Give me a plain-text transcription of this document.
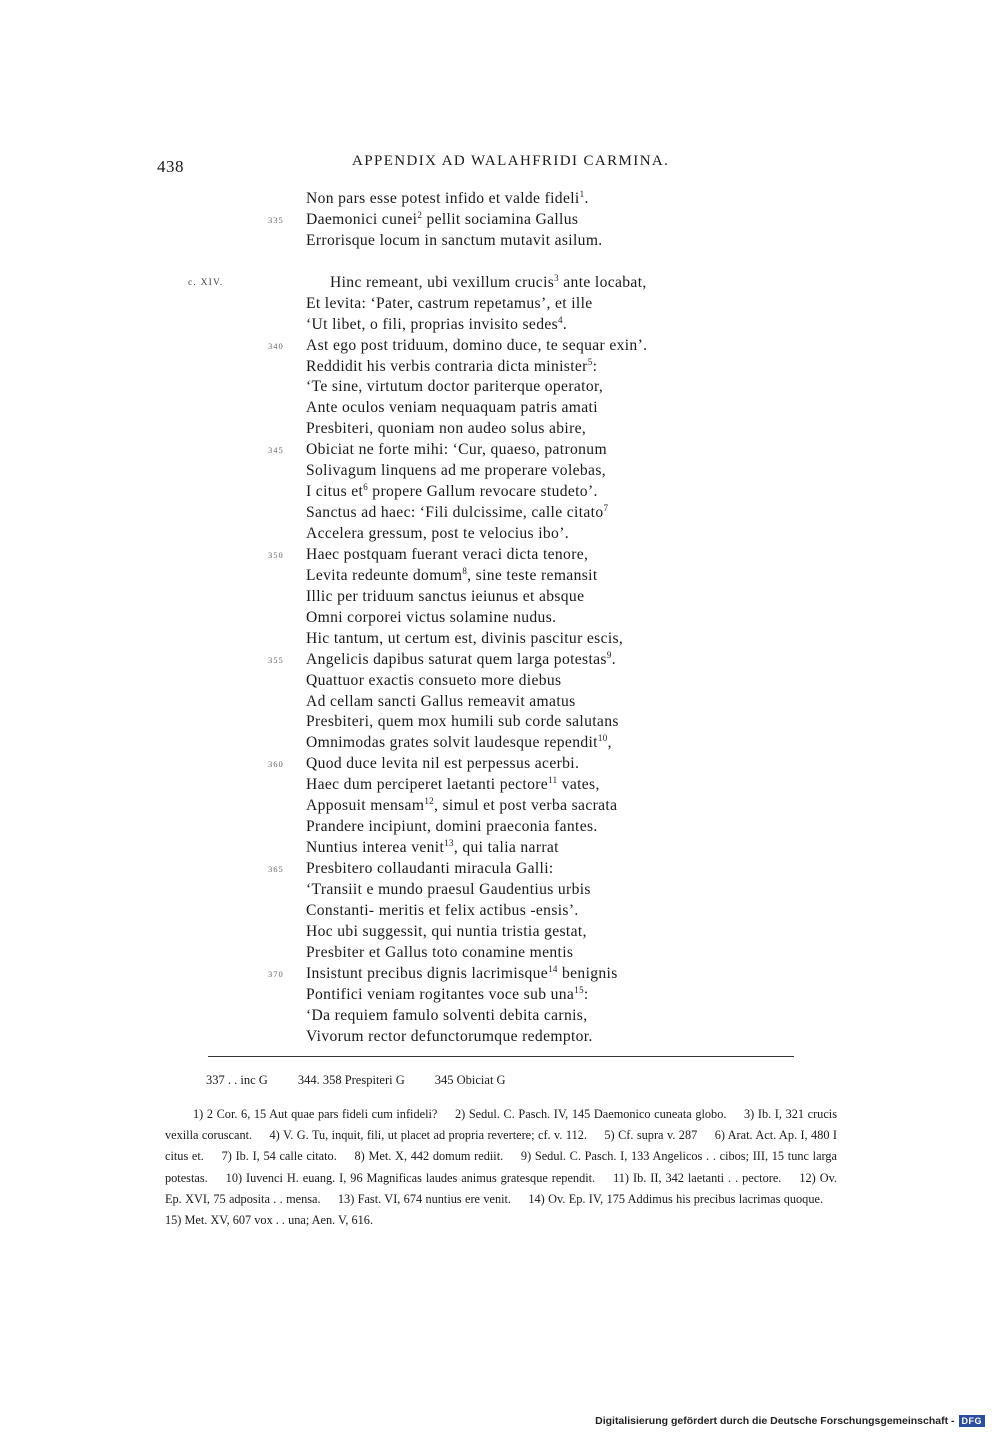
438	APPENDIX AD WALAHFRIDI CARMINA.
Non pars esse potest infido et valde fideli$^1$.
335 Daemonici cunei$^2$ pellit sociamina Gallus
Errorisque locum in sanctum mutavit asilum.
c. XIV.	Hinc remeant, ubi vexillum crucis$^3$ ante locabat,
Et levita: ‘Pater, castrum repetamus’, et ille
‘Ut libet, o fili, proprias invisito sedes$^4$.
340 Ast ego post triduum, domino duce, te sequar exin’.
Reddidit his verbis contraria dicta minister$^5$:
‘Te sine, virtutum doctor pariterque operator,
Ante oculos veniam nequaquam patris amati
Presbiteri, quoniam non audeo solus abire,
345 Obiciat ne forte mihi: ‘Cur, quaeso, patronum
Solivagum linquens ad me properare volebas,
I citus $et^6$ propere Gallum revocare studeto’.
Sanctus ad haec: ‘Fili dulcissime, calle citato$^7$
Accelera gressum, post te velocius ibo’.
350 Haec postquam fuerant veraci dicta tenore,
Levita redeunte domum$^8$, sine teste remansit
Illic per triduum sanctus ieiunus et absque
Omni corporei victus solamine nudus.
Hic tantum, ut certum est, divinis pascitur escis,
355 Angelicis dapibus saturat quem larga potestas$^9$.
Quattuor exactis consueto more diebus
Ad cellam sancti Gallus remeavit amatus
Presbiteri, quem mox humili sub corde salutans
Omnimodas grates solvit laudesque rependit$^{10}$,
360 Quod duce levita nil est perpessus acerbi.
Haec dum perciperet laetanti pectore$^{11}$ vates,
Apposuit mensam$^{12}$, simul et post verba sacrata
Prandere incipiunt, domini praeconia fantes.
Nuntius interea venit$^{13}$, qui talia narrat
365 Presbitero collaudanti miracula Galli:
‘Transiit e mundo praesul Gaudentius urbis
Constanti- meritis et felix actibus -ensis’.
Hoc ubi suggessit, qui nuntia tristia gestat,
Presbiter et Gallus toto conamine mentis
370 Insistunt precibus dignis lacrimisque$^{14}$ benignis
Pontifici veniam rogitantes voce sub una$^{15}$:
‘Da requiem famulo solventi debita carnis,
Vivorum rector defunctorumque redemptor.
337 . . inc G 344. 358 Prespiteri G 345 Obiciat G

1) 2 Cor. 6, 15 Aut quae pars fideli cum infideli? 2) Sedul. C. Pasch. IV, 145 Daemonico cuneata globo. 3) Ib. I, 321 crucis vexilla coruscant. 4) V. G. Tu, inquit, fili, ut placet ad propria revertere; cf. v. 112. 5) Cf. supra v. 287 6) Arat. Act. Ap. I, 480 I citus et. 7) Ib. I, 54 calle citato. 8) Met. X, 442 domum rediit. 9) Sedul. C. Pasch. I, 133 Angelicos . . cibos; III, 15 tunc larga potestas. 10) Iuvenci H. euang. I, 96 Magnificas laudes animus gratesque rependit. 11) Ib. II, 342 laetanti . . pectore. 12) Ov. Ep. XVI, 75 adposita . . mensa. 13) Fast. VI, 674 nuntius ere venit. 14) Ov. Ep. IV, 175 Addimus his precibus lacrimas quoque. 15) Met. XV, 607 vox . . una; Aen. V, 616.

Digitalisierung gefördert durch die Deutsche Forschungsgemeinschaft - DFG
